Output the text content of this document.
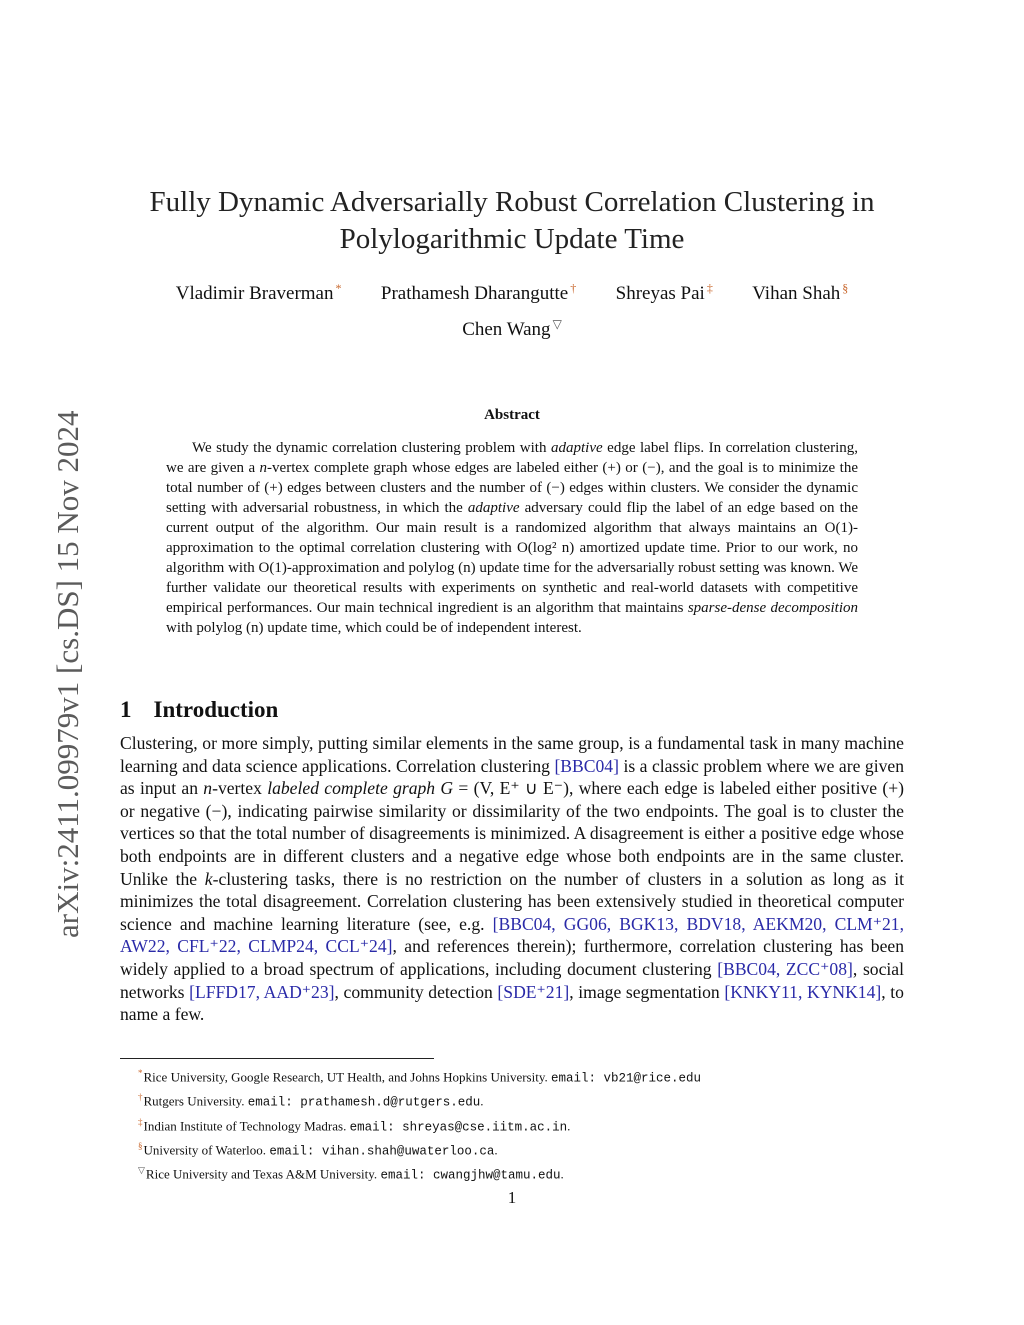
arXiv:2411.09979v1 [cs.DS] 15 Nov 2024
Fully Dynamic Adversarially Robust Correlation Clustering in
Polylogarithmic Update Time
Vladimir Braverman * Prathamesh Dharangutte † Shreyas Pai ‡ Vihan Shah §
Chen Wang ▽
Abstract

We study the dynamic correlation clustering problem with adaptive edge label flips. In correlation clustering, we are given a n-vertex complete graph whose edges are labeled either (+) or (−), and the goal is to minimize the total number of (+) edges between clusters and the number of (−) edges within clusters. We consider the dynamic setting with adversarial robustness, in which the adaptive adversary could flip the label of an edge based on the current output of the algorithm. Our main result is a randomized algorithm that always maintains an O(1)-approximation to the optimal correlation clustering with O(log² n) amortized update time. Prior to our work, no algorithm with O(1)-approximation and polylog (n) update time for the adversarially robust setting was known. We further validate our theoretical results with experiments on synthetic and real-world datasets with competitive empirical performances. Our main technical ingredient is an algorithm that maintains sparse-dense decomposition with polylog (n) update time, which could be of independent interest.

1 Introduction

Clustering, or more simply, putting similar elements in the same group, is a fundamental task in many machine learning and data science applications. Correlation clustering [BBC04] is a classic problem where we are given as input an n-vertex labeled complete graph G = (V, E⁺ ∪ E⁻), where each edge is labeled either positive (+) or negative (−), indicating pairwise similarity or dissimilarity of the two endpoints. The goal is to cluster the vertices so that the total number of disagreements is minimized. A disagreement is either a positive edge whose both endpoints are in different clusters and a negative edge whose both endpoints are in the same cluster. Unlike the k-clustering tasks, there is no restriction on the number of clusters in a solution as long as it minimizes the total disagreement. Correlation clustering has been extensively studied in theoretical computer science and machine learning literature (see, e.g. [BBC04, GG06, BGK13, BDV18, AEKM20, CLM⁺21, AW22, CFL⁺22, CLMP24, CCL⁺24], and references therein); furthermore, correlation clustering has been widely applied to a broad spectrum of applications, including document clustering [BBC04, ZCC⁺08], social networks [LFFD17, AAD⁺23], community detection [SDE⁺21], image segmentation [KNKY11, KYNK14], to name a few.

*Rice University, Google Research, UT Health, and Johns Hopkins University. email: vb21@rice.edu
†Rutgers University. email: prathamesh.d@rutgers.edu.
‡Indian Institute of Technology Madras. email: shreyas@cse.iitm.ac.in.
§University of Waterloo. email: vihan.shah@uwaterloo.ca.
▽Rice University and Texas A&M University. email: cwangjhw@tamu.edu.
1
